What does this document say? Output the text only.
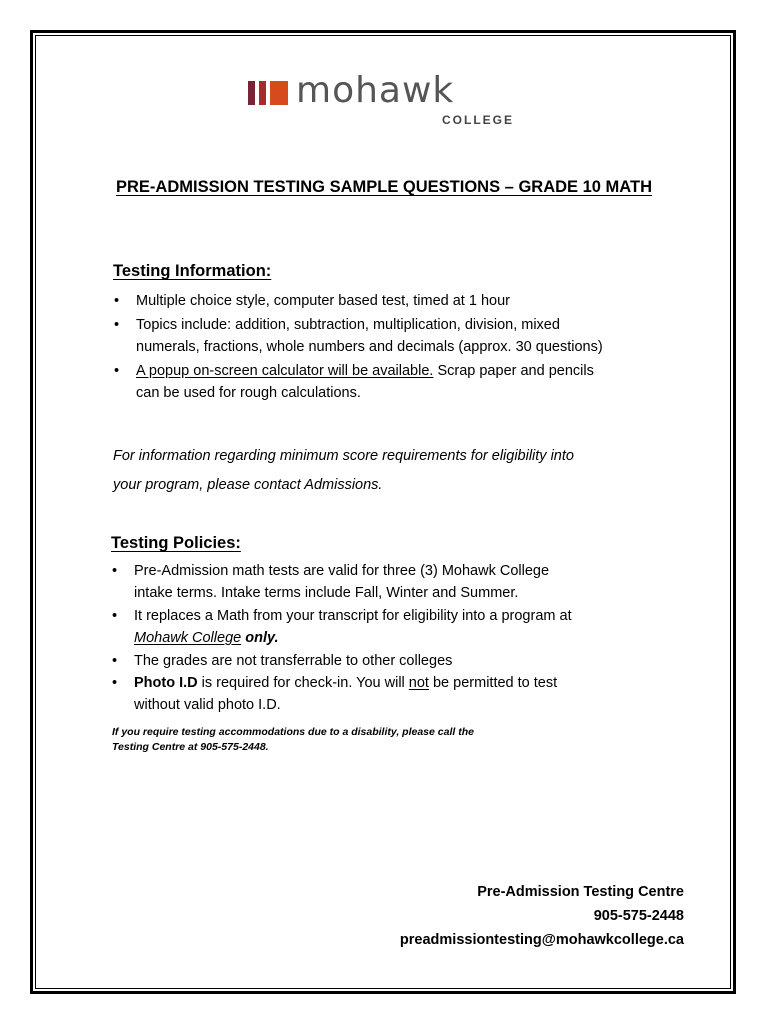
mohawk
COLLEGE
PRE-ADMISSION TESTING SAMPLE QUESTIONS – GRADE 10 MATH
Testing Information:
• Multiple choice style, computer based test, timed at 1 hour
• Topics include: addition, subtraction, multiplication, division, mixed
numerals, fractions, whole numbers and decimals (approx. 30 questions)
• A popup on-screen calculator will be available. Scrap paper and pencils
can be used for rough calculations.

For information regarding minimum score requirements for eligibility into
your program, please contact Admissions.

Testing Policies:
• Pre-Admission math tests are valid for three (3) Mohawk College
intake terms. Intake terms include Fall, Winter and Summer.
• It replaces a Math from your transcript for eligibility into a program at
Mohawk College only.
• The grades are not transferrable to other colleges
• Photo I.D is required for check-in. You will not be permitted to test
without valid photo I.D.

If you require testing accommodations due to a disability, please call the
Testing Centre at 905-575-2448.

Pre-Admission Testing Centre
905-575-2448
preadmissiontesting@mohawkcollege.ca
